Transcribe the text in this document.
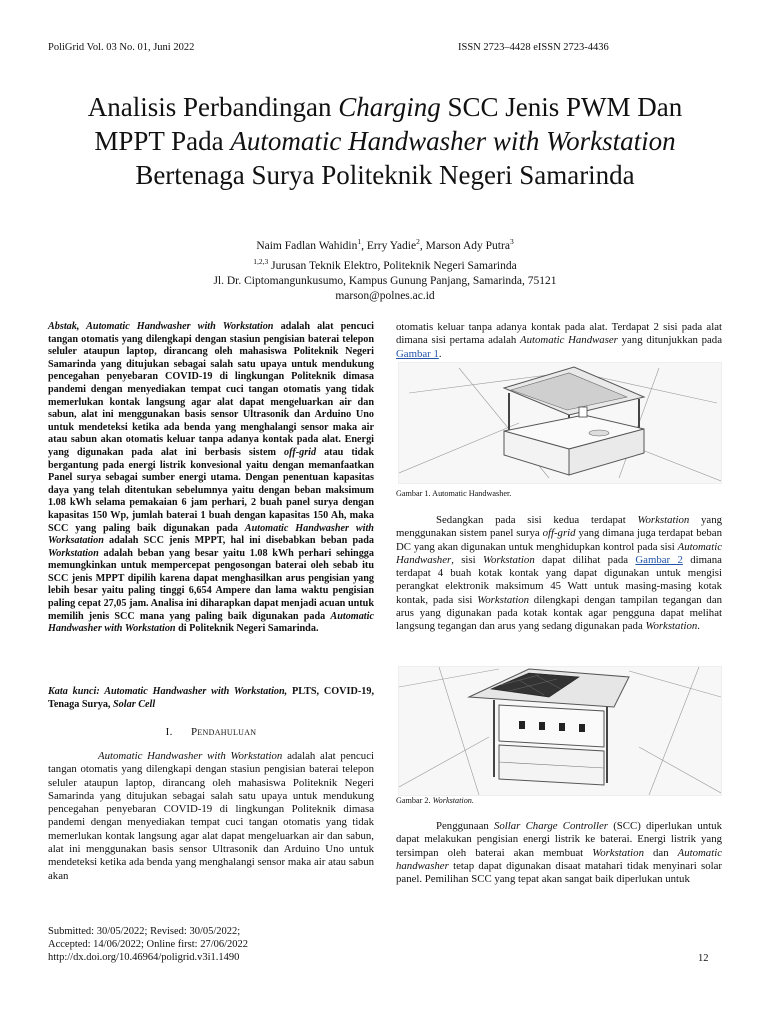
PoliGrid Vol. 03 No. 01, Juni 2022	ISSN 2723–4428 eISSN 2723-4436
Analisis Perbandingan Charging SCC Jenis PWM Dan MPPT Pada Automatic Handwasher with Workstation Bertenaga Surya Politeknik Negeri Samarinda
Naim Fadlan Wahidin$^1$, Erry Yadie$^2$, Marson Ady Putra$^3$
$^{1,2,3}$ Jurusan Teknik Elektro, Politeknik Negeri Samarinda
Jl. Dr. Ciptomangunkusumo, Kampus Gunung Panjang, Samarinda, 75121
marson@polnes.ac.id
Abstak, Automatic Handwasher with Workstation adalah alat pencuci tangan otomatis yang dilengkapi dengan stasiun pengisian baterai telepon seluler ataupun laptop, dirancang oleh mahasiswa Politeknik Negeri Samarinda yang ditujukan sebagai salah satu upaya untuk mendukung pencegahan penyebaran COVID-19 di lingkungan Politeknik dimasa pandemi dengan menyediakan tempat cuci tangan otomatis yang tidak memerlukan kontak langsung agar alat dapat mengeluarkan air dan sabun, alat ini menggunakan basis sensor Ultrasonik dan Arduino Uno untuk mendeteksi ketika ada benda yang menghalangi sensor maka air atau sabun akan otomatis keluar tanpa adanya kontak pada alat. Energi yang digunakan pada alat ini berbasis sistem off-grid atau tidak bergantung pada energi listrik konvesional yaitu dengan memanfaatkan Panel surya sebagai sumber energi utama. Dengan penentuan kapasitas daya yang telah ditentukan sebelumnya yaitu dengan beban maksimum 1.08 kWh selama pemakaian 6 jam perhari, 2 buah panel surya dengan kapasitas 150 Wp, jumlah baterai 1 buah dengan kapasitas 150 Ah, maka SCC yang paling baik digunakan pada Automatic Handwasher with Worksatation adalah SCC jenis MPPT, hal ini disebabkan beban pada Workstation adalah beban yang besar yaitu 1.08 kWh perhari sehingga memungkinkan untuk mempercepat pengosongan baterai oleh sebab itu SCC jenis MPPT dipilih karena dapat menghasilkan arus pengisian yang lebih besar yaitu paling tinggi 6,654 Ampere dan lama waktu pengisian paling cepat 27,05 jam. Analisa ini diharapkan dapat menjadi acuan untuk memilih jenis SCC mana yang paling baik digunakan pada Automatic Handwasher with Workstation di Politeknik Negeri Samarinda.
Kata kunci: Automatic Handwasher with Workstation, PLTS, COVID-19, Tenaga Surya, Solar Cell
I. Pendahuluan
Automatic Handwasher with Workstation adalah alat pencuci tangan otomatis yang dilengkapi dengan stasiun pengisian baterai telepon seluler ataupun laptop, dirancang oleh mahasiswa Politeknik Negeri Samarinda yang ditujukan sebagai salah satu upaya untuk mendukung pencegahan penyebaran COVID-19 di lingkungan Politeknik dimasa pandemi dengan menyediakan tempat cuci tangan otomatis yang tidak memerlukan kontak langsung agar alat dapat mengeluarkan air dan sabun, alat ini menggunakan basis sensor Ultrasonik dan Arduino Uno untuk mendeteksi ketika ada benda yang menghalangi sensor maka air atau sabun akan
otomatis keluar tanpa adanya kontak pada alat. Terdapat 2 sisi pada alat dimana sisi pertama adalah Automatic Handwaser yang ditunjukkan pada Gambar 1.
Gambar 1. Automatic Handwasher.
Sedangkan pada sisi kedua terdapat Workstation yang menggunakan sistem panel surya off-grid yang dimana juga terdapat beban DC yang akan digunakan untuk menghidupkan kontrol pada sisi Automatic Handwasher, sisi Workstation dapat dilihat pada Gambar 2 dimana terdapat 4 buah kotak kontak yang dapat digunakan untuk mengisi perangkat elektronik maksimum 45 Watt untuk masing-masing kotak kontak, pada sisi Workstation dilengkapi dengan tampilan tegangan dan arus yang digunakan pada kotak kontak agar pengguna dapat melihat langsung tegangan dan arus yang sedang digunakan pada Workstation.
Gambar 2. Workstation.
Penggunaan Sollar Charge Controller (SCC) diperlukan untuk dapat melakukan pengisian energi listrik ke baterai. Energi listrik yang tersimpan oleh baterai akan membuat Workstation dan Automatic handwasher tetap dapat digunakan disaat matahari tidak menyinari solar panel. Pemilihan SCC yang tepat akan sangat baik diperlukan untuk
Submitted: 30/05/2022; Revised: 30/05/2022;
Accepted: 14/06/2022; Online first: 27/06/2022
http://dx.doi.org/10.46964/poligrid.v3i1.1490	12
